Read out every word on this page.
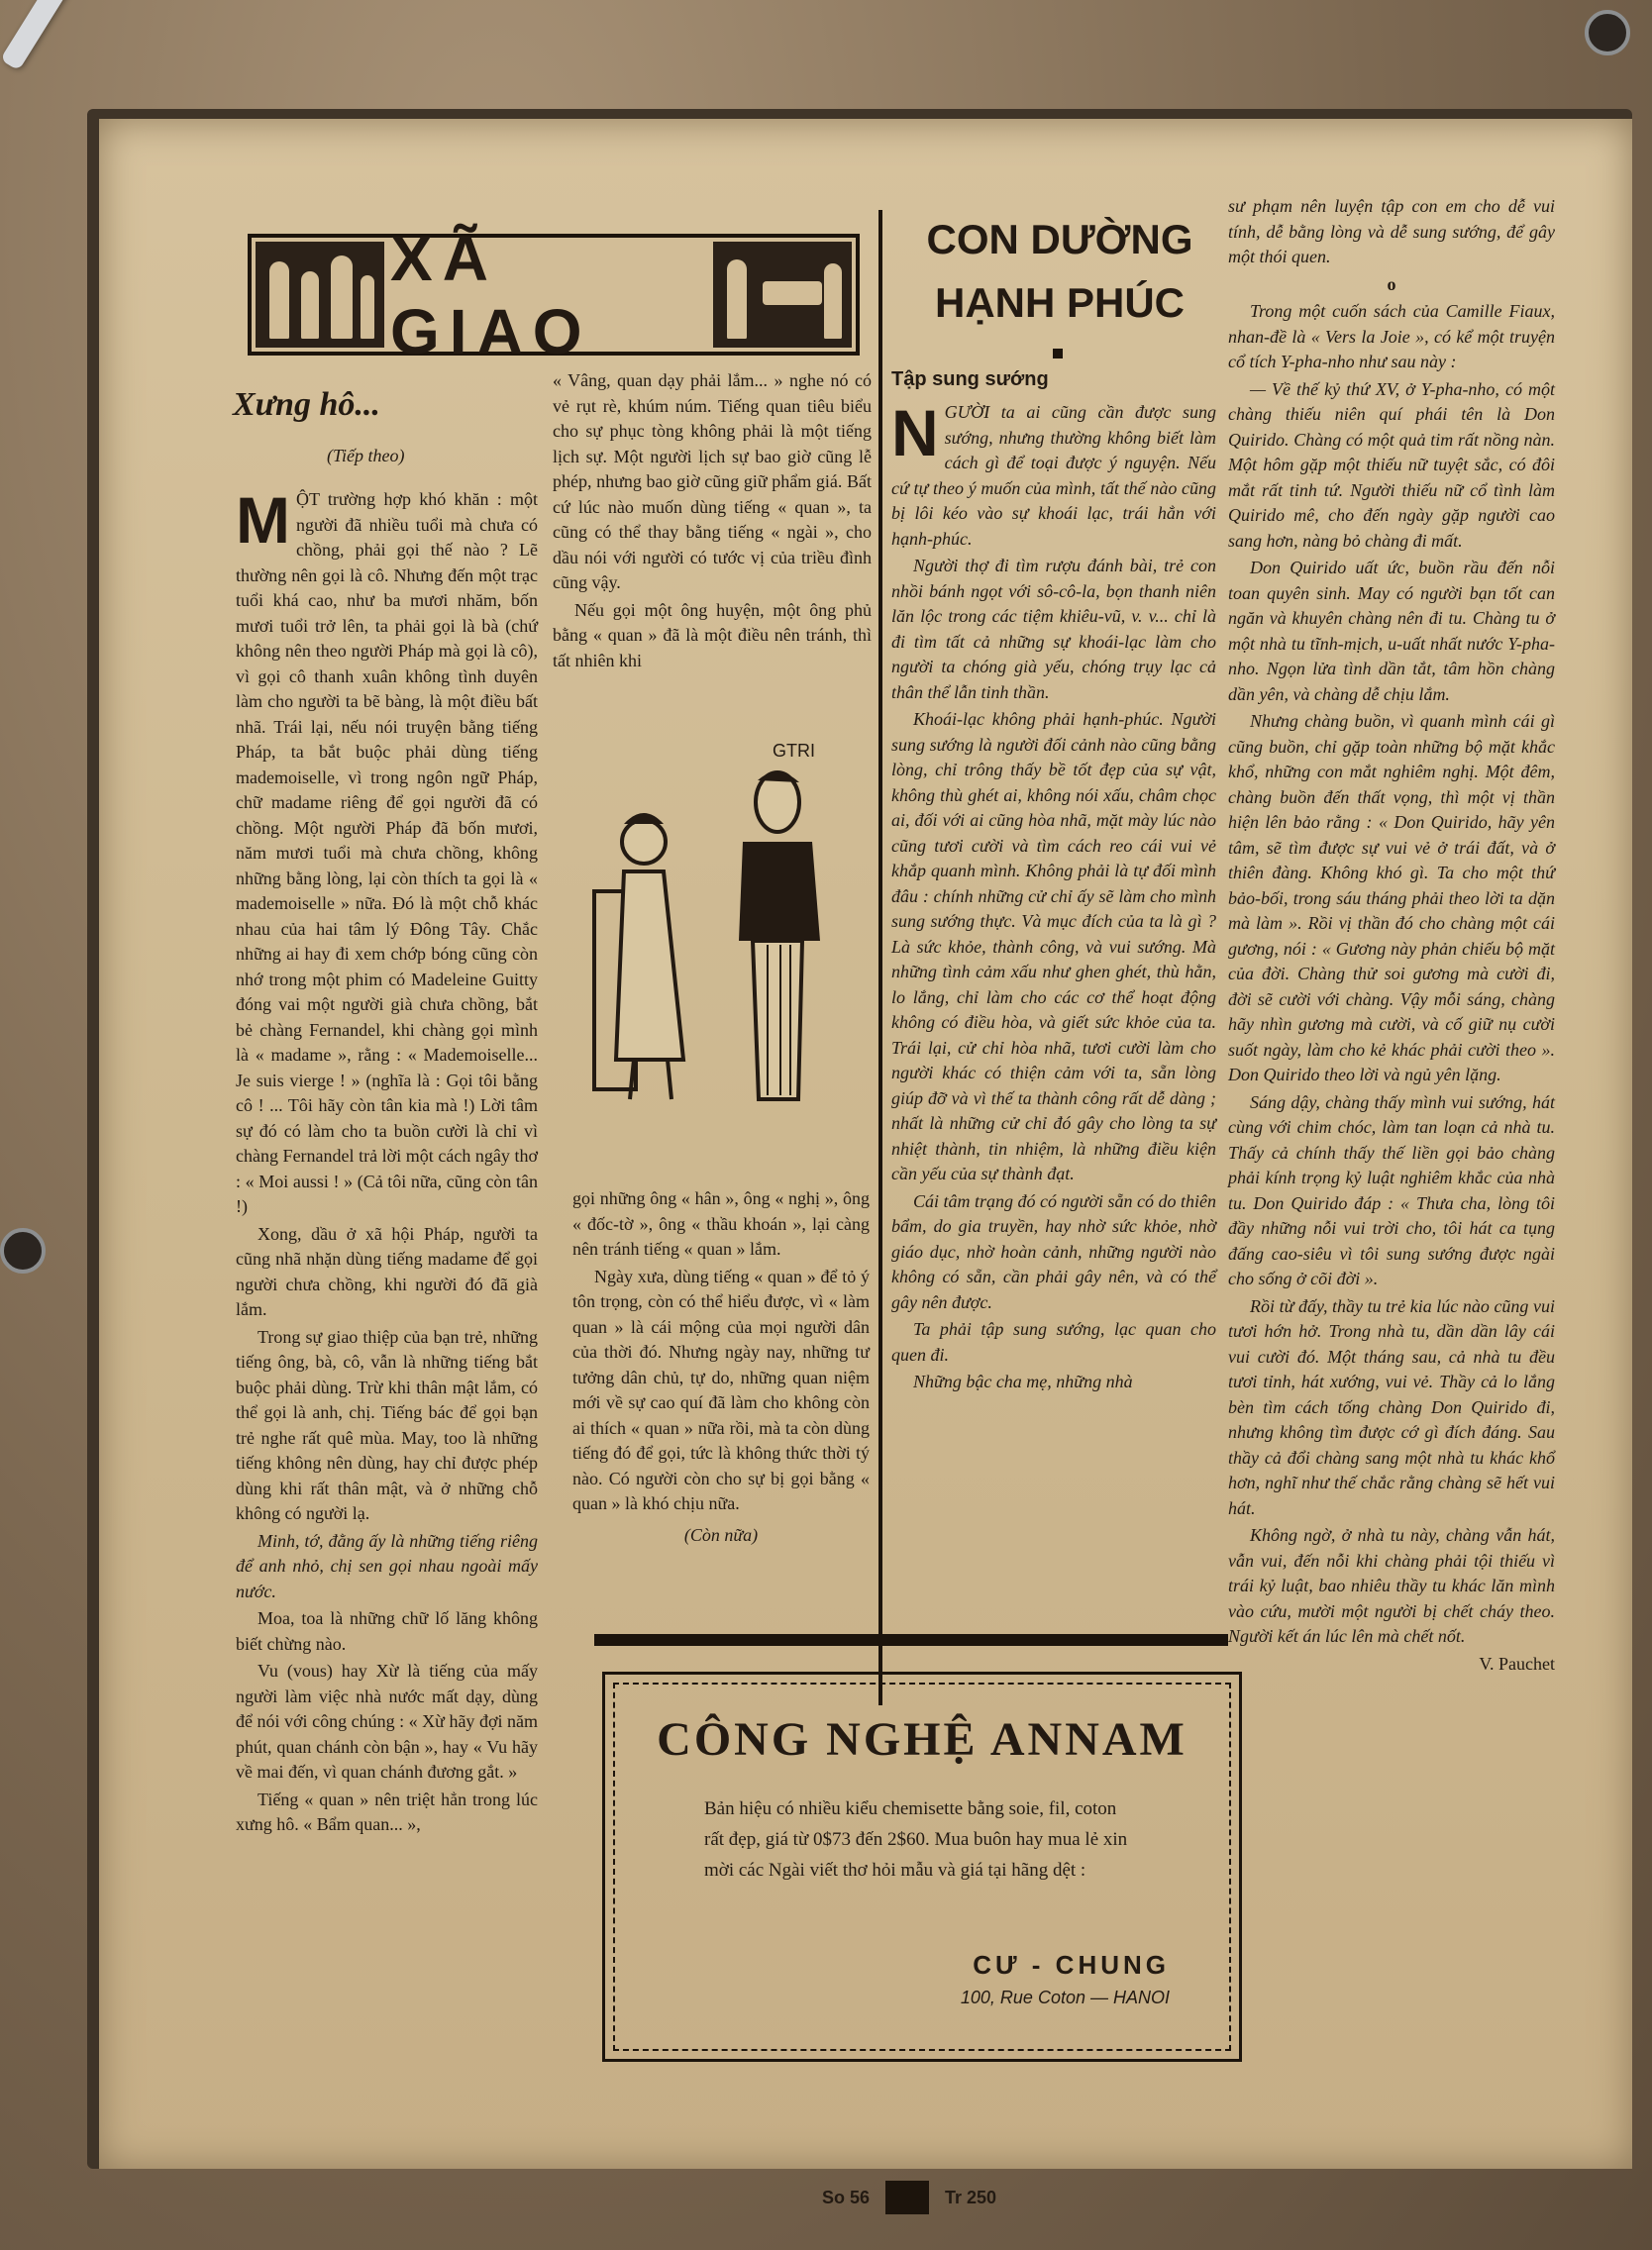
XÃ GIAO
Xưng hô...
(Tiếp theo)

MỘT trường hợp khó khăn : một người đã nhiều tuổi mà chưa có chồng, phải gọi thế nào ? Lẽ thường nên gọi là cô. Nhưng đến một trạc tuổi khá cao, như ba mươi nhăm, bốn mươi tuổi trở lên, ta phải gọi là bà (chứ không nên theo người Pháp mà gọi là cô), vì gọi cô thanh xuân không tình duyên làm cho người ta bẽ bàng, là một điều bất nhã. Trái lại, nếu nói truyện bằng tiếng Pháp, ta bắt buộc phải dùng tiếng mademoiselle, vì trong ngôn ngữ Pháp, chữ madame riêng để gọi người đã có chồng. Một người Pháp đã bốn mươi, năm mươi tuổi mà chưa chồng, không những bằng lòng, lại còn thích ta gọi là « mademoiselle » nữa. Đó là một chỗ khác nhau của hai tâm lý Đông Tây. Chắc những ai hay đi xem chớp bóng cũng còn nhớ trong một phim có Madeleine Guitty đóng vai một người già chưa chồng, bắt bẻ chàng Fernandel, khi chàng gọi mình là « madame », rằng : « Mademoiselle... Je suis vierge ! » (nghĩa là : Gọi tôi bằng cô ! ... Tôi hãy còn tân kia mà !) Lời tâm sự đó có làm cho ta buồn cười là chỉ vì chàng Fernandel trả lời một cách ngây thơ : « Moi aussi ! » (Cả tôi nữa, cũng còn tân !)

Xong, dầu ở xã hội Pháp, người ta cũng nhã nhặn dùng tiếng madame để gọi người chưa chồng, khi người đó đã già lắm.

Trong sự giao thiệp của bạn trẻ, những tiếng ông, bà, cô, vẫn là những tiếng bắt buộc phải dùng. Trừ khi thân mật lắm, có thể gọi là anh, chị. Tiếng bác để gọi bạn trẻ nghe rất quê mùa. May, too là những tiếng không nên dùng, hay chỉ được phép dùng khi rất thân mật, và ở những chỗ không có người lạ.

Minh, tớ, đằng ấy là những tiếng riêng để anh nhỏ, chị sen gọi nhau ngoài mấy nước.

Moa, toa là những chữ lố lăng không biết chừng nào.

Vu (vous) hay Xừ là tiếng của mấy người làm việc nhà nước mất dạy, dùng để nói với công chúng : « Xừ hãy đợi năm phút, quan chánh còn bận », hay « Vu hãy về mai đến, vì quan chánh đương gắt. »

Tiếng « quan » nên triệt hẳn trong lúc xưng hô. « Bẩm quan... »,

« Vâng, quan dạy phải lắm... » nghe nó có vẻ rụt rè, khúm núm. Tiếng quan tiêu biểu cho sự phục tòng không phải là một tiếng lịch sự. Một người lịch sự bao giờ cũng lễ phép, nhưng bao giờ cũng giữ phẩm giá. Bất cứ lúc nào muốn dùng tiếng « quan », ta cũng có thể thay bằng tiếng « ngài », cho dầu nói với người có tước vị của triều đình cũng vậy.

Nếu gọi một ông huyện, một ông phủ bằng « quan » đã là một điều nên tránh, thì tất nhiên khi

GTRI

gọi những ông « hân », ông « nghị », ông « đốc-tờ », ông « thầu khoán », lại càng nên tránh tiếng « quan » lắm.

Ngày xưa, dùng tiếng « quan » để tỏ ý tôn trọng, còn có thể hiểu được, vì « làm quan » là cái mộng của mọi người dân của thời đó. Nhưng ngày nay, những tư tưởng dân chủ, tự do, những quan niệm mới về sự cao quí đã làm cho không còn ai thích « quan » nữa rồi, mà ta còn dùng tiếng đó để gọi, tức là không thức thời tý nào. Có người còn cho sự bị gọi bằng « quan » là khó chịu nữa.

(Còn nữa)

CON DƯỜNG
HẠNH PHÚC
Tập sung sướng

NGƯỜI ta ai cũng cần được sung sướng, nhưng thường không biết làm cách gì để toại được ý nguyện. Nếu cứ tự theo ý muốn của mình, tất thế nào cũng bị lôi kéo vào sự khoái lạc, trái hẳn với hạnh-phúc.

Người thợ đi tìm rượu đánh bài, trẻ con nhồi bánh ngọt với sô-cô-la, bọn thanh niên lăn lộc trong các tiệm khiêu-vũ, v. v... chỉ là đi tìm tất cả những sự khoái-lạc làm cho người ta chóng già yếu, chóng trụy lạc cả thân thể lẫn tinh thần.

Khoái-lạc không phải hạnh-phúc. Người sung sướng là người đối cảnh nào cũng bằng lòng, chỉ trông thấy bề tốt đẹp của sự vật, không thù ghét ai, không nói xấu, châm chọc ai, đối với ai cũng hòa nhã, mặt mày lúc nào cũng tươi cười và tìm cách reo cái vui vẻ khắp quanh mình. Không phải là tự đối mình đâu : chính những cử chỉ ấy sẽ làm cho mình sung sướng thực. Và mục đích của ta là gì ? Là sức khỏe, thành công, và vui sướng. Mà những tình cảm xấu như ghen ghét, thù hằn, lo lắng, chỉ làm cho các cơ thể hoạt động không có điều hòa, và giết sức khỏe của ta. Trái lại, cử chỉ hòa nhã, tươi cười làm cho người khác có thiện cảm với ta, sẵn lòng giúp đỡ và vì thế ta thành công rất dễ dàng ; nhất là những cử chỉ đó gây cho lòng ta sự nhiệt thành, tin nhiệm, là những điều kiện cần yếu của sự thành đạt.

Cái tâm trạng đó có người sẵn có do thiên bẩm, do gia truyền, hay nhờ sức khỏe, nhờ giáo dục, nhờ hoàn cảnh, những người nào không có sẵn, cần phải gây nên, và có thể gây nên được.

Ta phải tập sung sướng, lạc quan cho quen đi.

Những bậc cha mẹ, những nhà

sư phạm nên luyện tập con em cho dễ vui tính, dễ bằng lòng và dễ sung sướng, để gây một thói quen.

o

Trong một cuốn sách của Camille Fiaux, nhan-đề là « Vers la Joie », có kể một truyện cổ tích Y-pha-nho như sau này :

— Về thế kỷ thứ XV, ở Y-pha-nho, có một chàng thiếu niên quí phái tên là Don Quirido. Chàng có một quả tim rất nồng nàn. Một hôm gặp một thiếu nữ tuyệt sắc, có đôi mắt rất tinh tứ. Người thiếu nữ cổ tình làm Quirido mê, cho đến ngày gặp người cao sang hơn, nàng bỏ chàng đi mất.

Don Quirido uất ức, buồn rầu đến nỗi toan quyên sinh. May có người bạn tốt can ngăn và khuyên chàng nên đi tu. Chàng tu ở một nhà tu tĩnh-mịch, u-uất nhất nước Y-pha-nho. Ngọn lửa tình dần tắt, tâm hồn chàng dần yên, và chàng dễ chịu lắm.

Nhưng chàng buồn, vì quanh mình cái gì cũng buồn, chỉ gặp toàn những bộ mặt khắc khổ, những con mắt nghiêm nghị. Một đêm, chàng buồn đến thất vọng, thì một vị thần hiện lên bảo rằng : « Don Quirido, hãy yên tâm, sẽ tìm được sự vui vẻ ở trái đất, và ở thiên đàng. Không khó gì. Ta cho một thứ bảo-bối, trong sáu tháng phải theo lời ta dặn mà làm ». Rồi vị thần đó cho chàng một cái gương, nói : « Gương này phản chiếu bộ mặt của đời. Chàng thử soi gương mà cười đi, đời sẽ cười với chàng. Vậy mỗi sáng, chàng hãy nhìn gương mà cười, và cố giữ nụ cười suốt ngày, làm cho kẻ khác phải cười theo ». Don Quirido theo lời và ngủ yên lặng.

Sáng dậy, chàng thấy mình vui sướng, hát cùng với chim chóc, làm tan loạn cả nhà tu. Thấy cả chính thấy thế liền gọi bảo chàng phải kính trọng kỷ luật nghiêm khắc của nhà tu. Don Quirido đáp : « Thưa cha, lòng tôi đầy những nỗi vui trời cho, tôi hát ca tụng đấng cao-siêu vì tôi sung sướng được ngài cho sống ở cõi đời ».

Rồi từ đấy, thầy tu trẻ kia lúc nào cũng vui tươi hớn hở. Trong nhà tu, dần dần lây cái vui cười đó. Một tháng sau, cả nhà tu đều tươi tỉnh, hát xướng, vui vẻ. Thầy cả lo lắng bèn tìm cách tống chàng Don Quirido đi, nhưng không tìm được cớ gì đích đáng. Sau thầy cả đổi chàng sang một nhà tu khác khổ hơn, nghĩ như thế chắc rằng chàng sẽ hết vui hát.

Không ngờ, ở nhà tu này, chàng vẫn hát, vẫn vui, đến nỗi khi chàng phải tội thiếu vì trái kỷ luật, bao nhiêu thầy tu khác lăn mình vào cứu, mười một người bị chết cháy theo. Người kết án lúc lên mà chết nốt.

V. Pauchet

CÔNG NGHỆ ANNAM
Bản hiệu có nhiều kiểu chemisette bằng soie, fil, coton rất đẹp, giá từ 0$73 đến 2$60. Mua buôn hay mua lẻ xin mời các Ngài viết thơ hỏi mẫu và giá tại hãng dệt :
CƯ - CHUNG
100, Rue Coton — HANOI
So 56	Tr 250
